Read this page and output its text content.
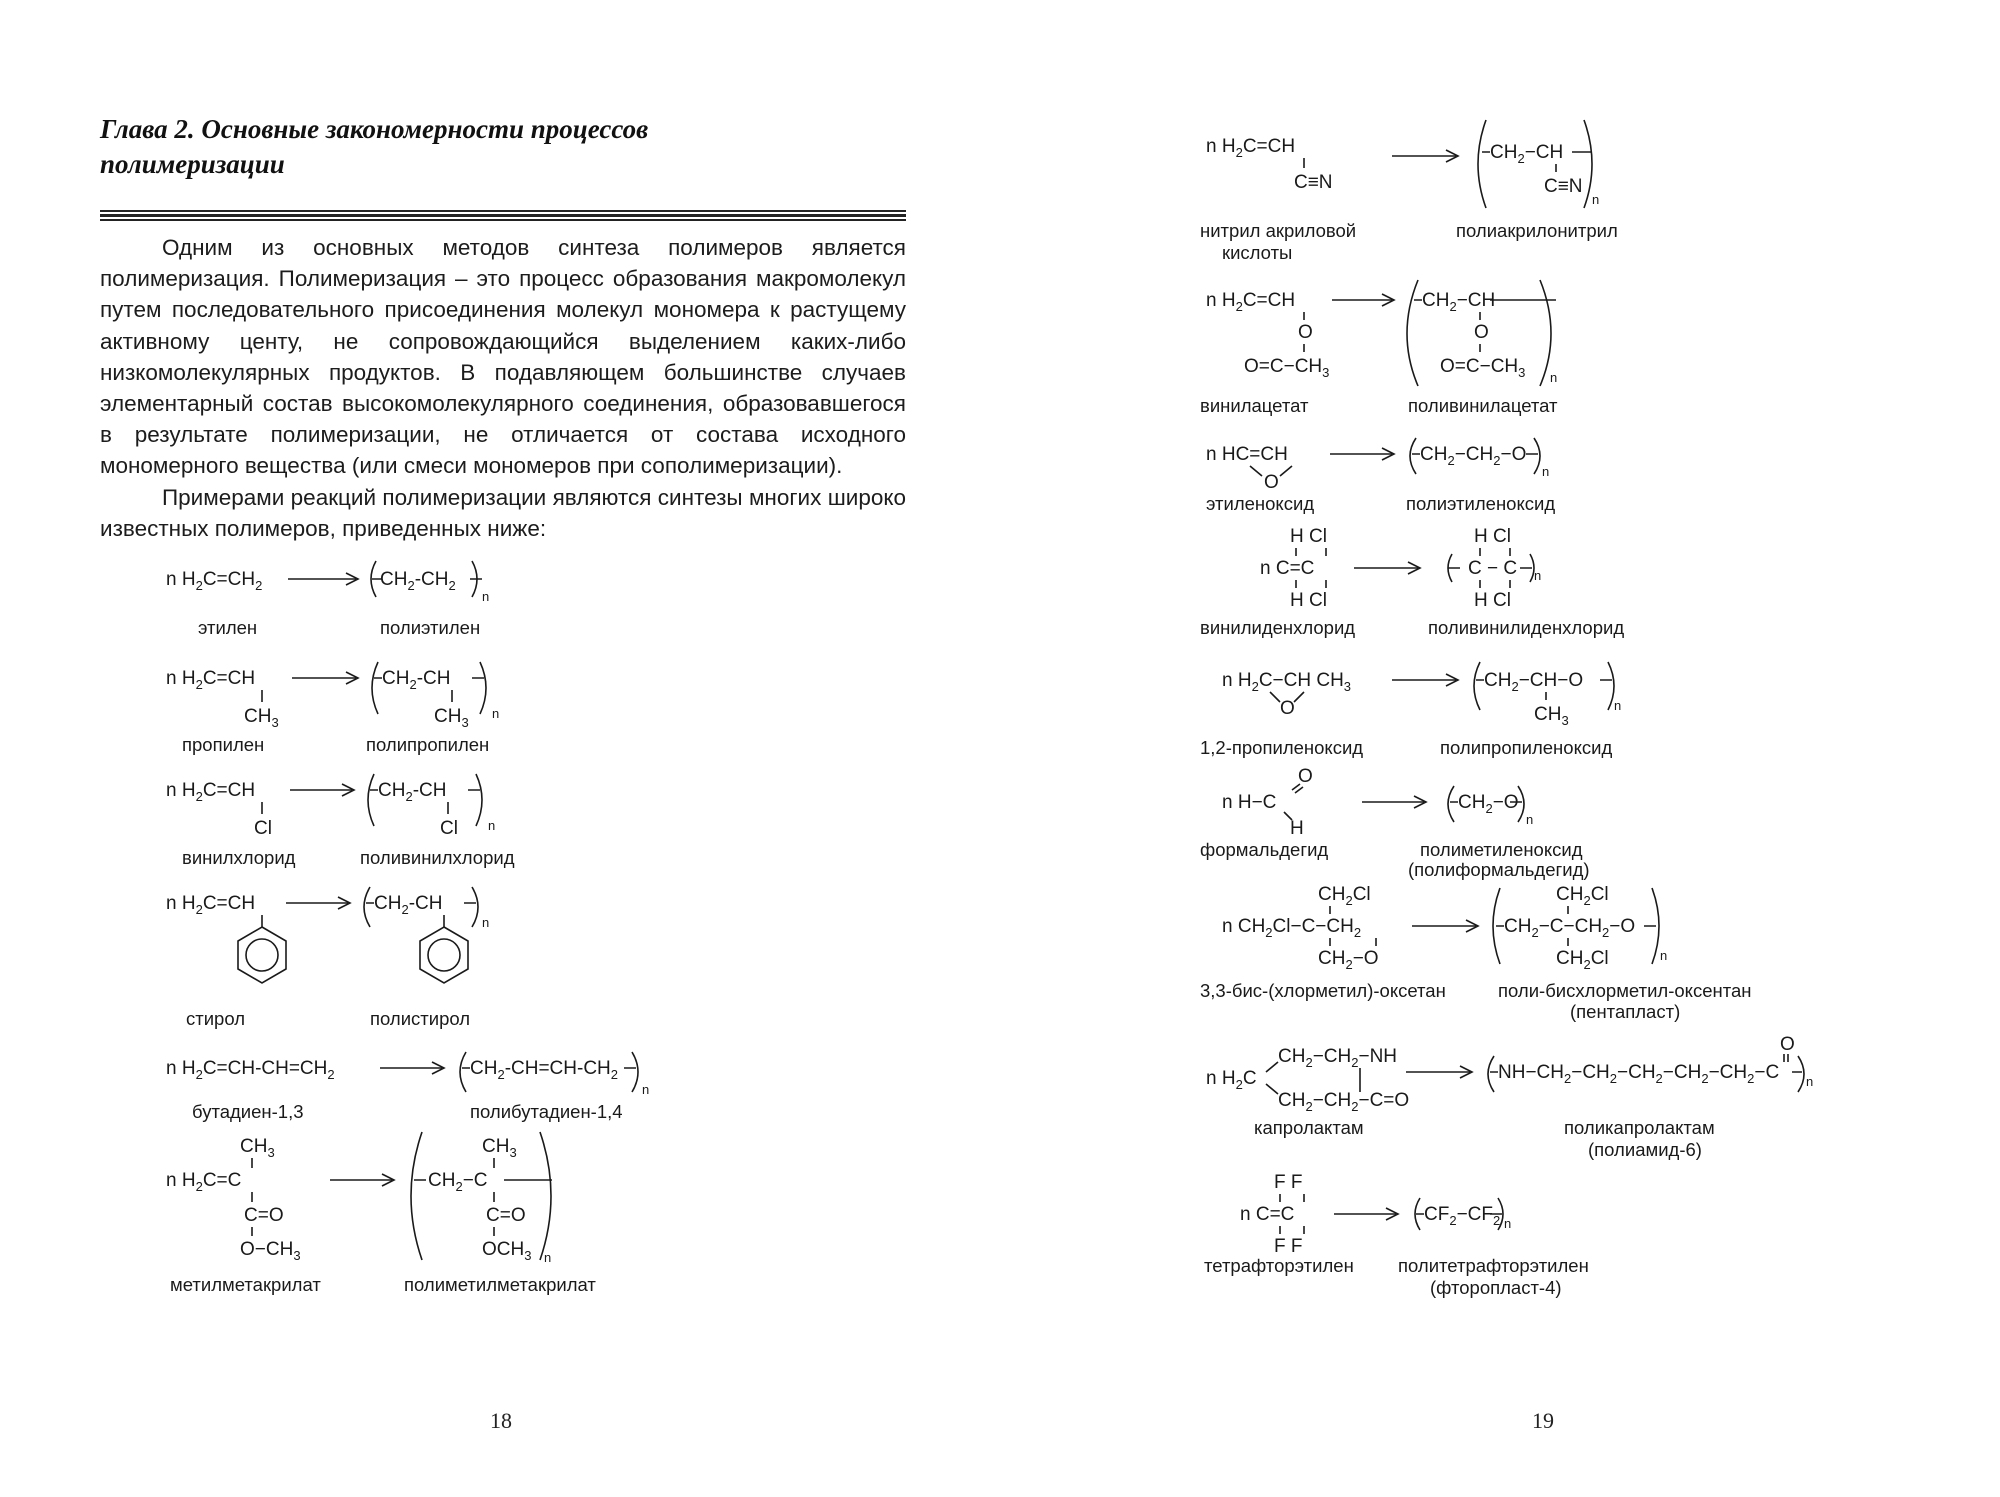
Глава 2. Основные закономерности процессов
полимеризации

Одним из основных методов синтеза полимеров является полимеризация. Полимеризация – это процесс образования макромолекул путем последовательного присоединения молекул мономера к растущему активному центу, не сопровождающийся выделением каких-либо низкомолекулярных продуктов. В подавляющем большинстве случаев элементарный состав высокомолекулярного соединения, образовавшегося в результате полимеризации, не отличается от состава исходного мономерного вещества (или смеси мономеров при сополимеризации).

Примерами реакций полимеризации являются синтезы многих широко известных полимеров, приведенных ниже:

n $H_2C=CH_2$	$CH_2-CH_2$
n
этилен	полиэтилен
n $H_2C=CH$
$CH_3$
$CH_2-CH$
$CH_3$
n
пропилен	полипропилен
n $H_2C=CH$
Cl
$CH_2-CH$
Cl n
винилхлорид	поливинилхлорид
n $H_2C=CH$	$CH_2-CH$
n
стирол	полистирол
n $H_2C=CH-CH=CH_2$	$CH_2-CH=CH-CH_2$
n
бутадиен-1,3	полибутадиен-1,4
$CH_3$
n $H_2C=C$
C=O
$O-CH_3$
$CH_3$
$CH_2-C$
C=O
$OCH_3$ n
метилметакрилат	полиметилметакрилат
18
n $H_2C=CH$
C≡N
$CH_2-CH$
C≡N
n
нитрил акриловой
кислоты
полиакрилонитрил
n $H_2C=CH$
O
$O=C-CH_3$
$CH_2-CH$
O
$O=C-CH_3$ n
винилацетат	поливинилацетат
n HC=CH
O
$CH_2-CH_2-O$
n
этиленоксид	полиэтиленоксид
H Cl
n C=C
H Cl
H Cl
C − C n
H Cl
винилиденхлорид	поливинилиденхлорид
n $H_2C-CH$ $CH_3$
O
$CH_2-CH-O$
$CH_3$
n
1,2-пропиленоксид	полипропиленоксид
O
n H−C
H
$CH_2-O$
n
формальдегид	полиметиленоксид
(полиформальдегид)
$CH_2Cl$
n $CH_2Cl-C-CH_2$
$CH_2-O$
$CH_2Cl$
$CH_2-C-CH_2-O$
n
$CH_2Cl$
3,3-бис-(хлорметил)-оксетан	поли-бисхлорметил-оксентан
(пентапласт)
$CH_2-CH_2-NH$
n $H_2C$
$CH_2-CH_2-C=O$
O
$NH-CH_2-CH_2-CH_2-CH_2-CH_2-C$ n
капролактам	поликапролактам
(полиамид-6)
F F
n C=C
F F
$CF_2-CF_2$ n
тетрафторэтилен политетрафторэтилен
(фторопласт-4)
19
